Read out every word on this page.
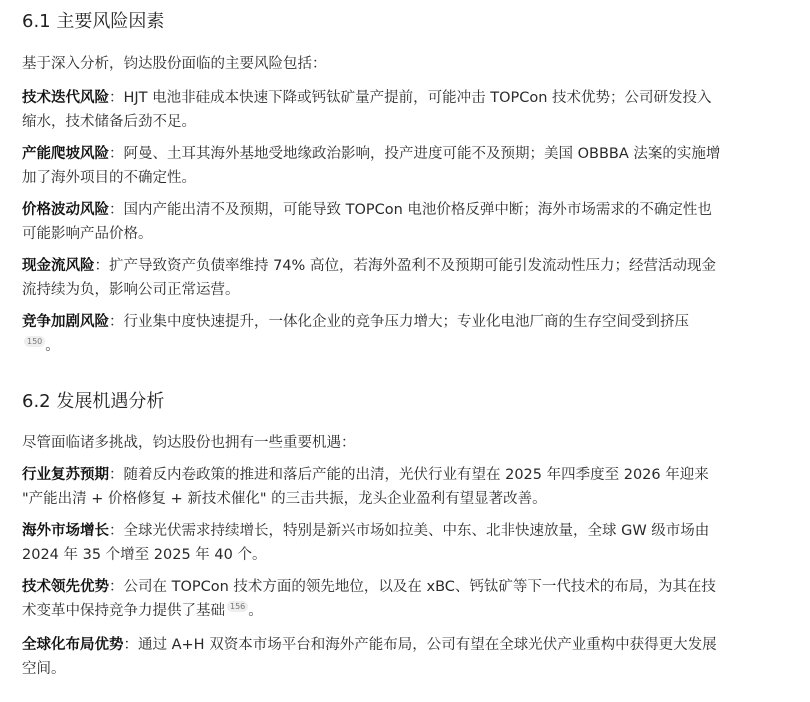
6.1 主要风险因素

基于深入分析，钧达股份面临的主要风险包括：

技术迭代风险：HJT 电池非硅成本快速下降或钙钛矿量产提前，可能冲击 TOPCon 技术优势；公司研发投入缩水，技术储备后劲不足。

产能爬坡风险：阿曼、土耳其海外基地受地缘政治影响，投产进度可能不及预期；美国 OBBBA 法案的实施增加了海外项目的不确定性。

价格波动风险：国内产能出清不及预期，可能导致 TOPCon 电池价格反弹中断；海外市场需求的不确定性也可能影响产品价格。

现金流风险：扩产导致资产负债率维持 74% 高位，若海外盈利不及预期可能引发流动性压力；经营活动现金流持续为负，影响公司正常运营。

竞争加剧风险：行业集中度快速提升，一体化企业的竞争压力增大；专业化电池厂商的生存空间受到挤压$^{150}$ 。

6.2 发展机遇分析

尽管面临诸多挑战，钧达股份也拥有一些重要机遇：

行业复苏预期：随着反内卷政策的推进和落后产能的出清，光伏行业有望在 2025 年四季度至 2026 年迎来 "产能出清 + 价格修复 + 新技术催化" 的三击共振，龙头企业盈利有望显著改善。

海外市场增长：全球光伏需求持续增长，特别是新兴市场如拉美、中东、北非快速放量，全球 GW 级市场由 2024 年 35 个增至 2025 年 40 个。

技术领先优势：公司在 TOPCon 技术方面的领先地位，以及在 xBC、钙钛矿等下一代技术的布局，为其在技术变革中保持竞争力提供了基础 $^{156}$ 。

全球化布局优势：通过 A+H 双资本市场平台和海外产能布局，公司有望在全球光伏产业重构中获得更大发展空间。
